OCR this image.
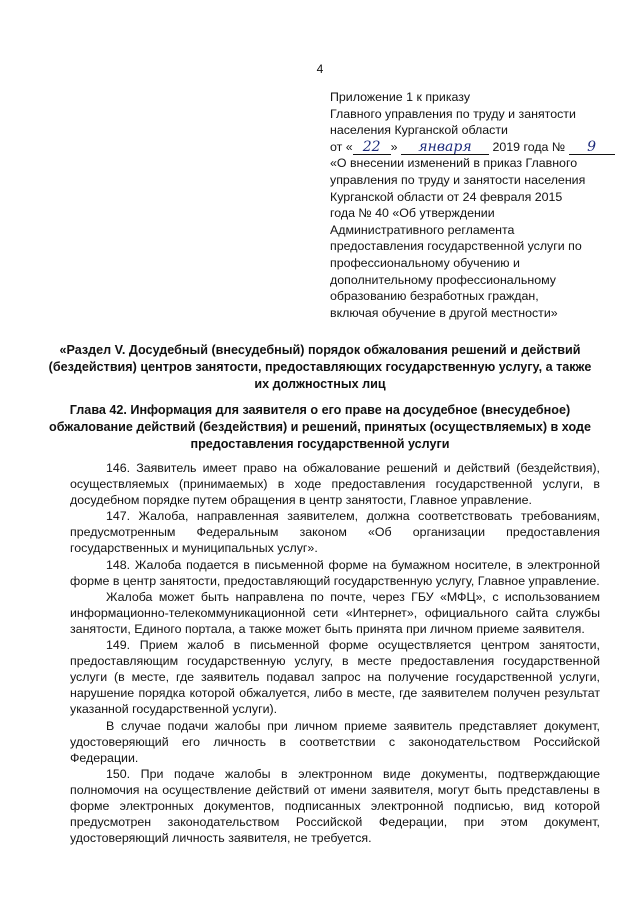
4
Приложение 1 к приказу
Главного управления по труду и занятости
населения Курганской области
от « 22 » января 2019 года № 9
«О внесении изменений в приказ Главного
управления по труду и занятости населения
Курганской области от 24 февраля 2015
года № 40 «Об утверждении
Административного регламента
предоставления государственной услуги по
профессиональному обучению и
дополнительному профессиональному
образованию безработных граждан,
включая обучение в другой местности»
«Раздел V. Досудебный (внесудебный) порядок обжалования решений и действий (бездействия) центров занятости, предоставляющих государственную услугу, а также их должностных лиц
Глава 42. Информация для заявителя о его праве на досудебное (внесудебное) обжалование действий (бездействия) и решений, принятых (осуществляемых) в ходе предоставления государственной услуги

146. Заявитель имеет право на обжалование решений и действий (бездействия), осуществляемых (принимаемых) в ходе предоставления государственной услуги, в досудебном порядке путем обращения в центр занятости, Главное управление.

147. Жалоба, направленная заявителем, должна соответствовать требованиям, предусмотренным Федеральным законом «Об организации предоставления государственных и муниципальных услуг».

148. Жалоба подается в письменной форме на бумажном носителе, в электронной форме в центр занятости, предоставляющий государственную услугу, Главное управление.

Жалоба может быть направлена по почте, через ГБУ «МФЦ», с использованием информационно-телекоммуникационной сети «Интернет», официального сайта службы занятости, Единого портала, а также может быть принята при личном приеме заявителя.

149. Прием жалоб в письменной форме осуществляется центром занятости, предоставляющим государственную услугу, в месте предоставления государственной услуги (в месте, где заявитель подавал запрос на получение государственной услуги, нарушение порядка которой обжалуется, либо в месте, где заявителем получен результат указанной государственной услуги).

В случае подачи жалобы при личном приеме заявитель представляет документ, удостоверяющий его личность в соответствии с законодательством Российской Федерации.

150. При подаче жалобы в электронном виде документы, подтверждающие полномочия на осуществление действий от имени заявителя, могут быть представлены в форме электронных документов, подписанных электронной подписью, вид которой предусмотрен законодательством Российской Федерации, при этом документ, удостоверяющий личность заявителя, не требуется.
